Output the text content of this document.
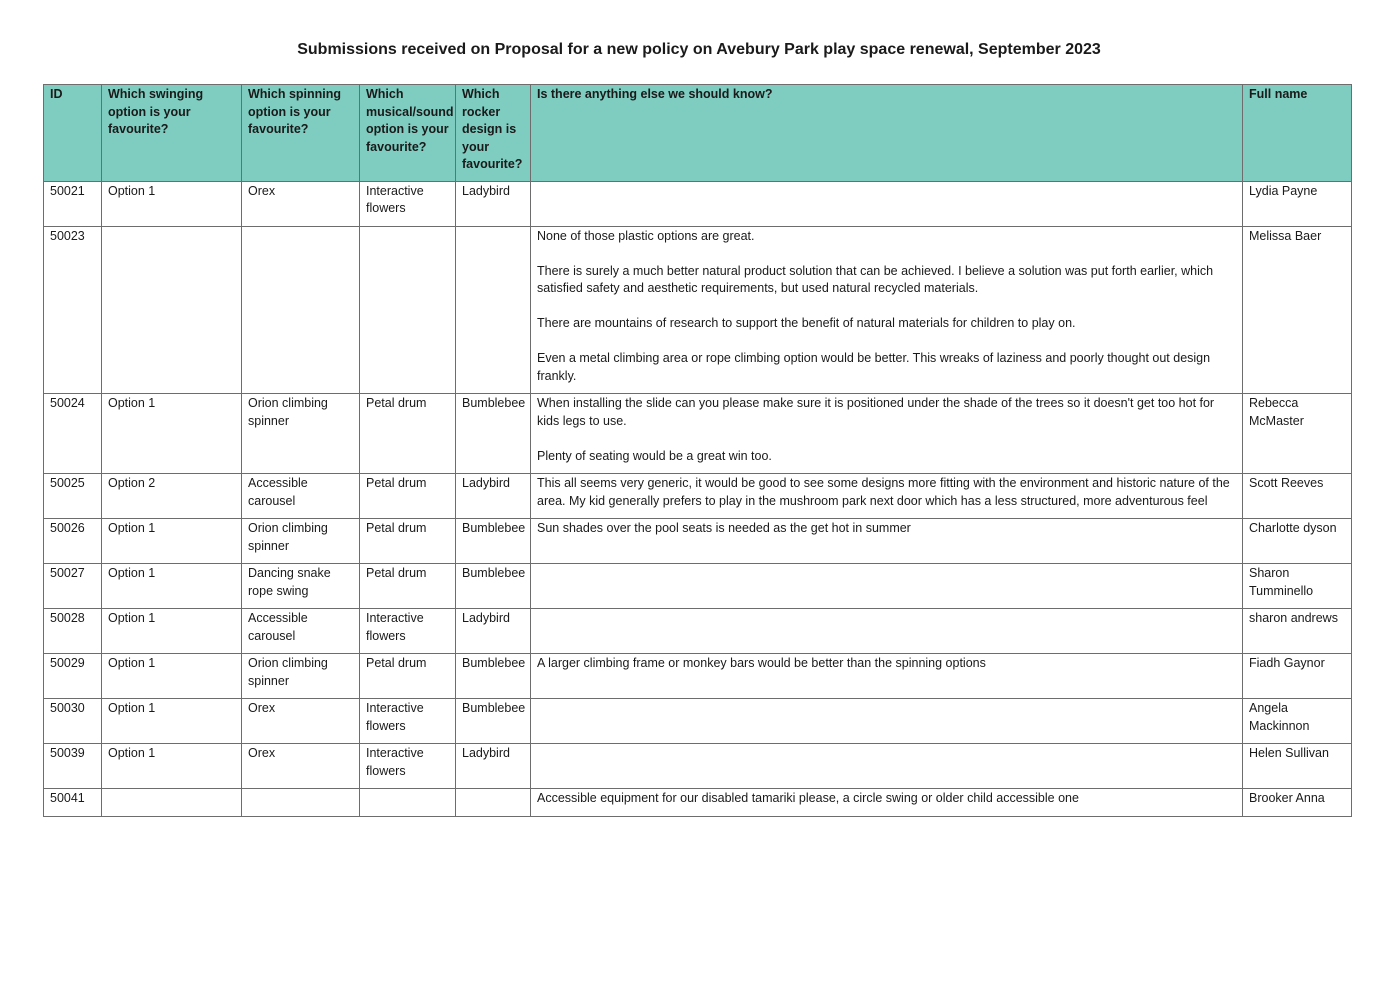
Submissions received on Proposal for a new policy on Avebury Park play space renewal, September 2023
ID	Which swinging option is your favourite?	Which spinning option is your favourite?	Which musical/sound option is your favourite?	Which rocker design is your favourite?	Is there anything else we should know?	Full name
50021	Option 1	Orex	Interactive flowers	Ladybird		Lydia Payne
50023					None of those plastic options are great.
There is surely a much better natural product solution that can be achieved. I believe a solution was put forth earlier, which satisfied safety and aesthetic requirements, but used natural recycled materials.
There are mountains of research to support the benefit of natural materials for children to play on.
Even a metal climbing area or rope climbing option would be better. This wreaks of laziness and poorly thought out design frankly.	Melissa Baer
50024	Option 1	Orion climbing spinner	Petal drum	Bumblebee	When installing the slide can you please make sure it is positioned under the shade of the trees so it doesn't get too hot for kids legs to use.
Plenty of seating would be a great win too.	Rebecca McMaster
50025	Option 2	Accessible carousel	Petal drum	Ladybird	This all seems very generic, it would be good to see some designs more fitting with the environment and historic nature of the area. My kid generally prefers to play in the mushroom park next door which has a less structured, more adventurous feel	Scott Reeves
50026	Option 1	Orion climbing spinner	Petal drum	Bumblebee	Sun shades over the pool seats is needed as the get hot in summer	Charlotte dyson
50027	Option 1	Dancing snake rope swing	Petal drum	Bumblebee		Sharon Tumminello
50028	Option 1	Accessible carousel	Interactive flowers	Ladybird		sharon andrews
50029	Option 1	Orion climbing spinner	Petal drum	Bumblebee	A larger climbing frame or monkey bars would be better than the spinning options	Fiadh Gaynor
50030	Option 1	Orex	Interactive flowers	Bumblebee		Angela Mackinnon
50039	Option 1	Orex	Interactive flowers	Ladybird		Helen Sullivan
50041					Accessible equipment for our disabled tamariki please, a circle swing or older child accessible one	Brooker Anna
